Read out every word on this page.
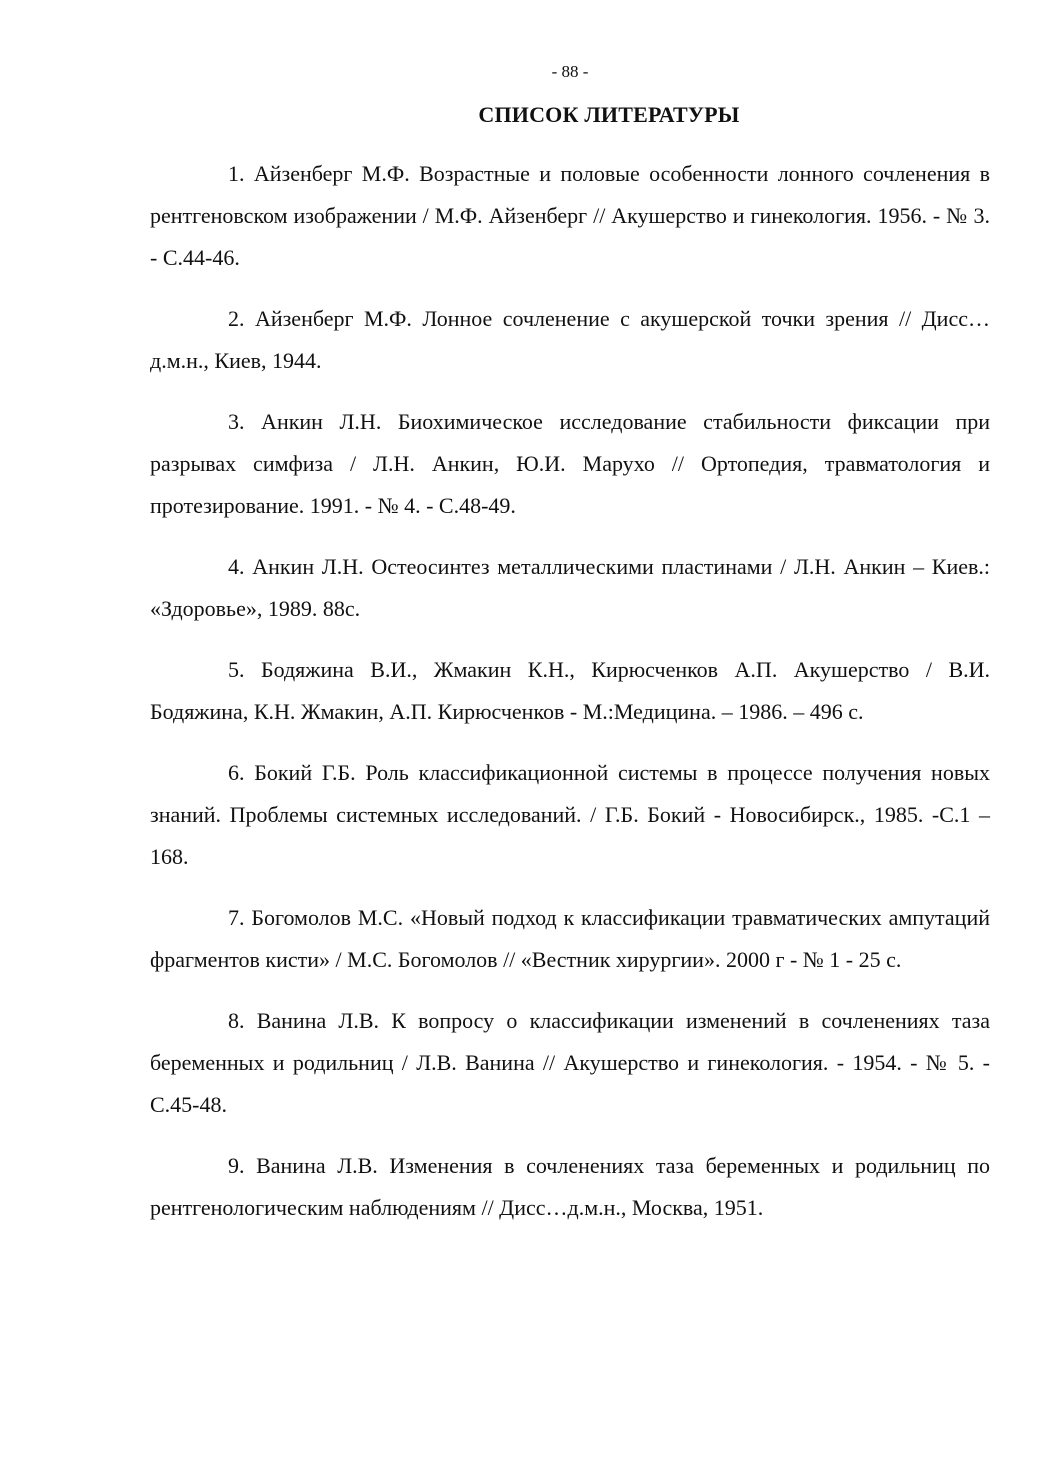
- 88 -
СПИСОК ЛИТЕРАТУРЫ

1. Айзенберг М.Ф. Возрастные и половые особенности лонного сочленения в рентгеновском изображении / М.Ф. Айзенберг // Акушерство и гинекология. 1956. - № 3. - С.44-46.

2. Айзенберг М.Ф. Лонное сочленение с акушерской точки зрения // Дисс…д.м.н., Киев, 1944.

3. Анкин Л.Н. Биохимическое исследование стабильности фиксации при разрывах симфиза / Л.Н. Анкин, Ю.И. Марухо // Ортопедия, травматология и протезирование. 1991. - № 4. - С.48-49.

4. Анкин Л.Н. Остеосинтез металлическими пластинами / Л.Н. Анкин – Киев.: «Здоровье», 1989. 88с.

5. Бодяжина В.И., Жмакин К.Н., Кирюсченков А.П. Акушерство / В.И. Бодяжина, К.Н. Жмакин, А.П. Кирюсченков - М.:Медицина. – 1986. – 496 с.

6. Бокий Г.Б. Роль классификационной системы в процессе получения новых знаний. Проблемы системных исследований. / Г.Б. Бокий - Новосибирск., 1985. -С.1 – 168.

7. Богомолов М.С. «Новый подход к классификации травматических ампутаций фрагментов кисти» / М.С. Богомолов // «Вестник хирургии». 2000 г - № 1 - 25 с.

8. Ванина Л.В. К вопросу о классификации изменений в сочленениях таза беременных и родильниц / Л.В. Ванина // Акушерство и гинекология. - 1954. - № 5. - С.45-48.

9. Ванина Л.В. Изменения в сочленениях таза беременных и родильниц по рентгенологическим наблюдениям // Дисс…д.м.н., Москва, 1951.
